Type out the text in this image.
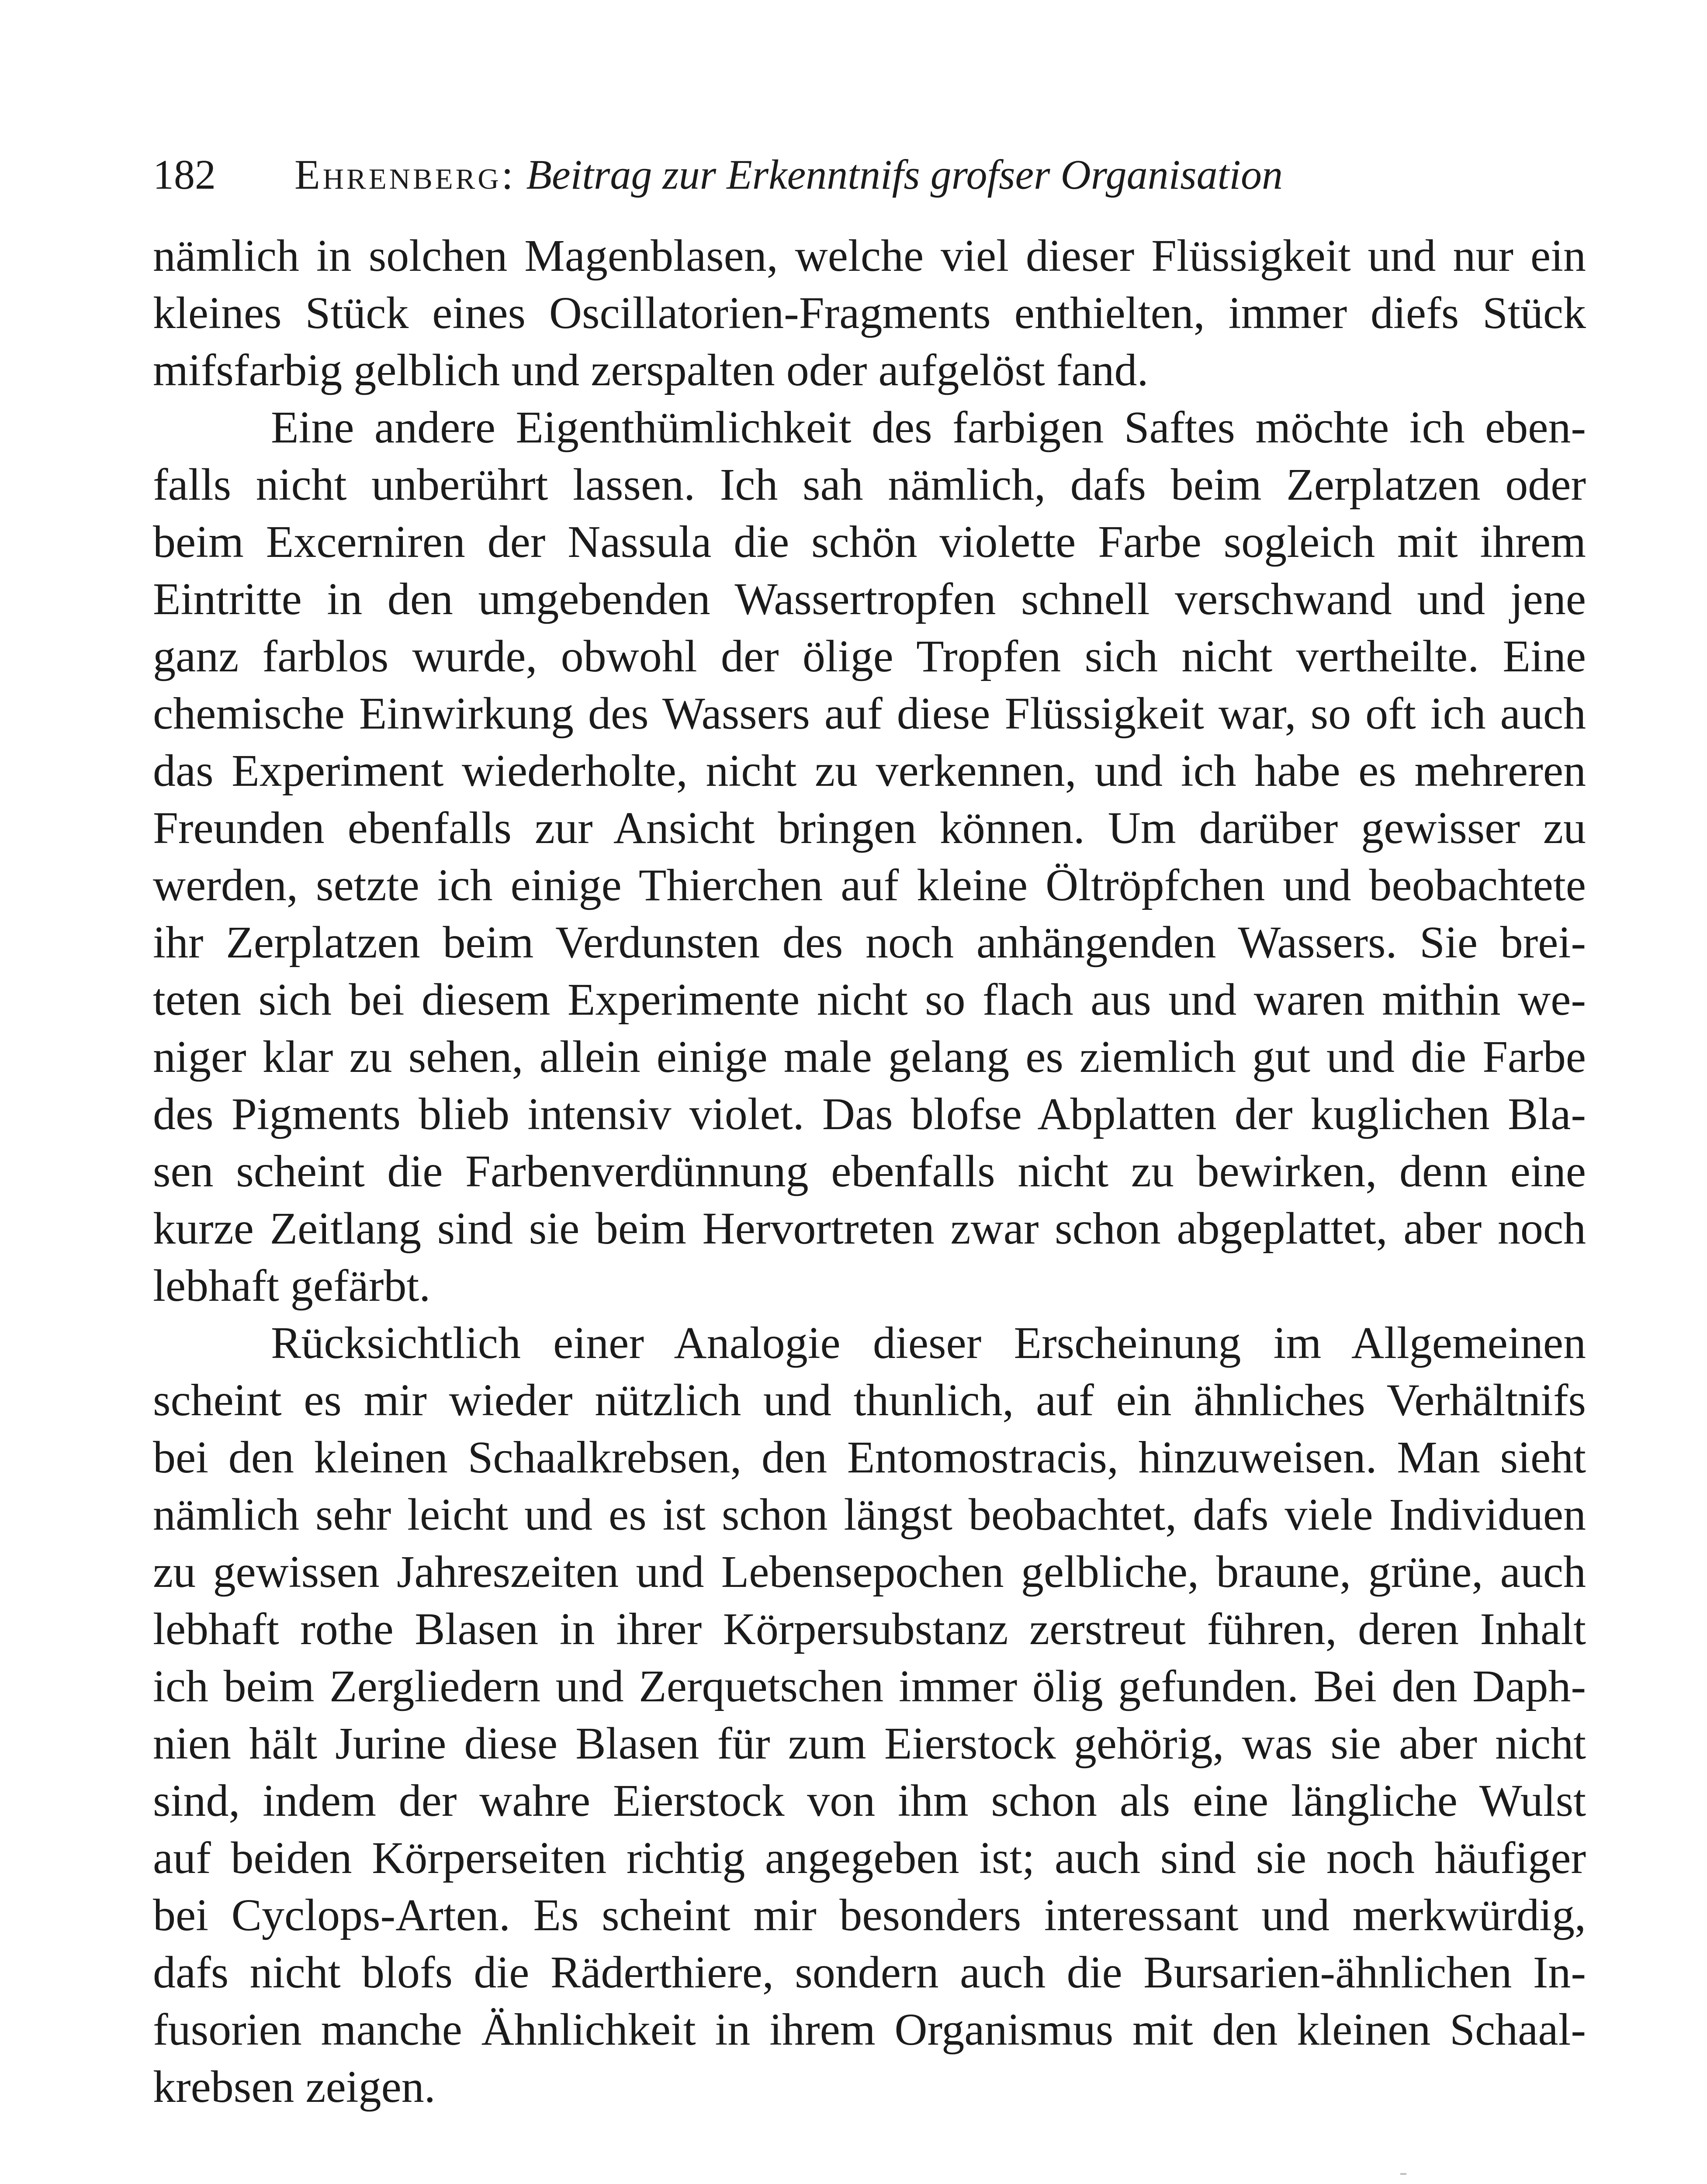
182 Ehrenberg: Beitrag zur Erkenntnifs grofser Organisation
nämlich in solchen Magenblasen, welche viel dieser Flüssigkeit und nur ein
kleines Stück eines Oscillatorien-Fragments enthielten, immer diefs Stück
mifsfarbig gelblich und zerspalten oder aufgelöst fand.
Eine andere Eigenthümlichkeit des farbigen Saftes möchte ich eben-
falls nicht unberührt lassen. Ich sah nämlich, dafs beim Zerplatzen oder
beim Excerniren der Nassula die schön violette Farbe sogleich mit ihrem
Eintritte in den umgebenden Wassertropfen schnell verschwand und jene
ganz farblos wurde, obwohl der ölige Tropfen sich nicht vertheilte. Eine
chemische Einwirkung des Wassers auf diese Flüssigkeit war, so oft ich auch
das Experiment wiederholte, nicht zu verkennen, und ich habe es mehreren
Freunden ebenfalls zur Ansicht bringen können. Um darüber gewisser zu
werden, setzte ich einige Thierchen auf kleine Öltröpfchen und beobachtete
ihr Zerplatzen beim Verdunsten des noch anhängenden Wassers. Sie brei-
teten sich bei diesem Experimente nicht so flach aus und waren mithin we-
niger klar zu sehen, allein einige male gelang es ziemlich gut und die Farbe
des Pigments blieb intensiv violet. Das blofse Abplatten der kuglichen Bla-
sen scheint die Farbenverdünnung ebenfalls nicht zu bewirken, denn eine
kurze Zeitlang sind sie beim Hervortreten zwar schon abgeplattet, aber noch
lebhaft gefärbt.
Rücksichtlich einer Analogie dieser Erscheinung im Allgemeinen
scheint es mir wieder nützlich und thunlich, auf ein ähnliches Verhältnifs
bei den kleinen Schaalkrebsen, den Entomostracis, hinzuweisen. Man sieht
nämlich sehr leicht und es ist schon längst beobachtet, dafs viele Individuen
zu gewissen Jahreszeiten und Lebensepochen gelbliche, braune, grüne, auch
lebhaft rothe Blasen in ihrer Körpersubstanz zerstreut führen, deren Inhalt
ich beim Zergliedern und Zerquetschen immer ölig gefunden. Bei den Daph-
nien hält Jurine diese Blasen für zum Eierstock gehörig, was sie aber nicht
sind, indem der wahre Eierstock von ihm schon als eine längliche Wulst
auf beiden Körperseiten richtig angegeben ist; auch sind sie noch häufiger
bei Cyclops-Arten. Es scheint mir besonders interessant und merkwürdig,
dafs nicht blofs die Räderthiere, sondern auch die Bursarien-ähnlichen In-
fusorien manche Ähnlichkeit in ihrem Organismus mit den kleinen Schaal-
krebsen zeigen.
